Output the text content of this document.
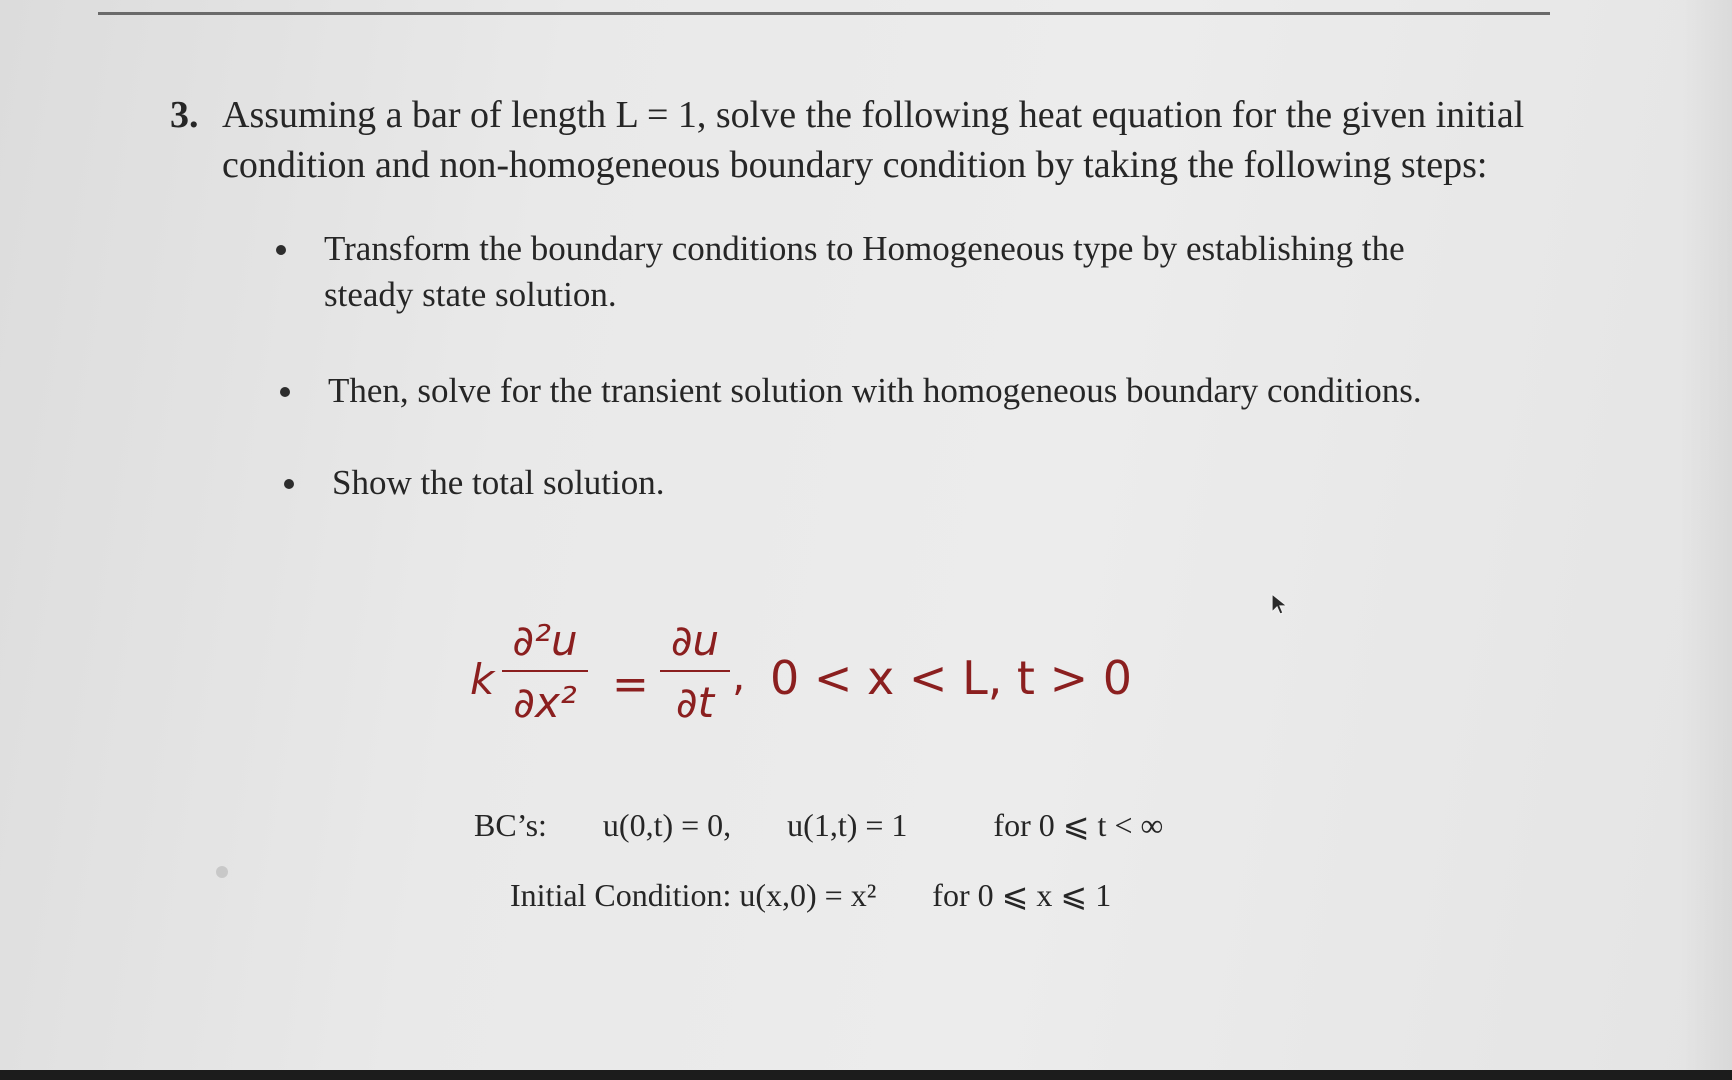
3. Assuming a bar of length L = 1, solve the following heat equation for the given initial
condition and non-homogeneous boundary condition by taking the following steps:
Transform the boundary conditions to Homogeneous type by establishing the steady state solution.
Then, solve for the transient solution with homogeneous boundary conditions.
Show the total solution.
k
∂²u
∂x² =
∂u
∂t
, 0 < x < L, t > 0
BC’s: u(0,t) = 0, u(1,t) = 1	for 0 ⩽ t < ∞
Initial Condition: u(x,0) = x² for 0 ⩽ x ⩽ 1
